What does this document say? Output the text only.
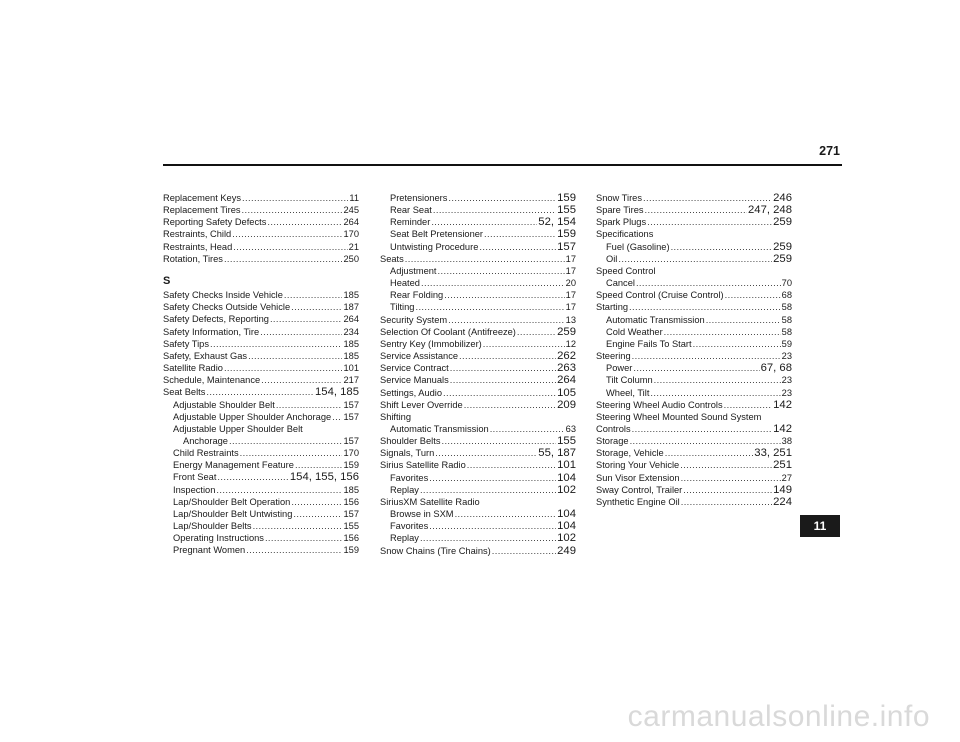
271
Replacement Keys .....	11
Replacement Tires .....	245
Reporting Safety Defects .....	264
Restraints, Child .....	170
Restraints, Head .....	21
Rotation, Tires .....	250
S
Safety Checks Inside Vehicle .....	185
Safety Checks Outside Vehicle .....	187
Safety Defects, Reporting .....	264
Safety Information, Tire .....	234
Safety Tips .....	185
Safety, Exhaust Gas .....	185
Satellite Radio .....	101
Schedule, Maintenance .....	217
Seat Belts .....	154, 185
Adjustable Shoulder Belt .....	157
Adjustable Upper Shoulder Anchorage ..... 157
Adjustable Upper Shoulder Belt
Anchorage .....	157
Child Restraints .....	170
Energy Management Feature .....	159
Front Seat .....	154, 155, 156
Inspection .....	185
Lap/Shoulder Belt Operation .....	156
Lap/Shoulder Belt Untwisting .....	157
Lap/Shoulder Belts .....	155
Operating Instructions .....	156
Pregnant Women .....	159
Pretensioners .....	159
Rear Seat .....	155
Reminder .....	52, 154
Seat Belt Pretensioner .....	159
Untwisting Procedure .....	157
Seats .....	17
Adjustment .....	17
Heated .....	20
Rear Folding .....	17
Tilting .....	17
Security System .....	13
Selection Of Coolant (Antifreeze) .....	259
Sentry Key (Immobilizer) .....	12
Service Assistance .....	262
Service Contract .....	263
Service Manuals .....	264
Settings, Audio .....	105
Shift Lever Override .....	209
Shifting
Automatic Transmission .....	63
Shoulder Belts .....	155
Signals, Turn .....	55, 187
Sirius Satellite Radio .....	101
Favorites .....	104
Replay .....	102
SiriusXM Satellite Radio
Browse in SXM .....	104
Favorites .....	104
Replay .....	102
Snow Chains (Tire Chains) .....	249
Snow Tires .....	246
Spare Tires .....	247, 248
Spark Plugs .....	259
Specifications
Fuel (Gasoline) .....	259
Oil .....	259
Speed Control
Cancel .....	70
Speed Control (Cruise Control) .....	68
Starting .....	58
Automatic Transmission .....	58
Cold Weather .....	58
Engine Fails To Start .....	59
Steering .....	23
Power .....	67, 68
Tilt Column .....	23
Wheel, Tilt .....	23
Steering Wheel Audio Controls .....	142
Steering Wheel Mounted Sound System
Controls .....	142
Storage .....	38
Storage, Vehicle .....	33, 251
Storing Your Vehicle .....	251
Sun Visor Extension .....	27
Sway Control, Trailer .....	149
Synthetic Engine Oil .....	224
11
carmanualsonline.info
